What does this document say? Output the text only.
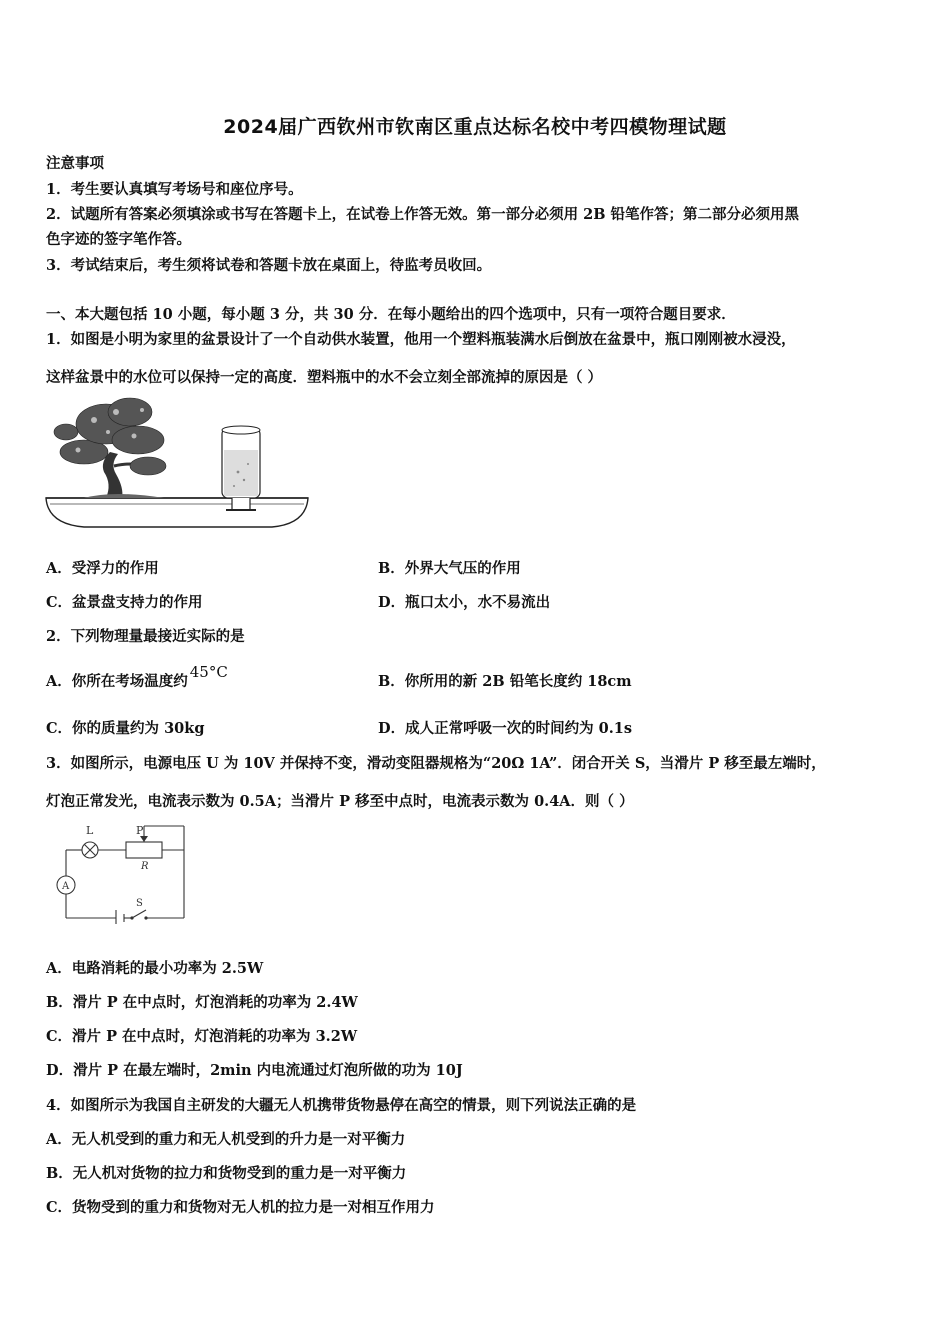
2024届广西钦州市钦南区重点达标名校中考四模物理试题
注意事项
1．考生要认真填写考场号和座位序号。
2．试题所有答案必须填涂或书写在答题卡上，在试卷上作答无效。第一部分必须用 2B 铅笔作答；第二部分必须用黑
色字迹的签字笔作答。
3．考试结束后，考生须将试卷和答题卡放在桌面上，待监考员收回。
一、本大题包括 10 小题，每小题 3 分，共 30 分．在每小题给出的四个选项中，只有一项符合题目要求．
1．如图是小明为家里的盆景设计了一个自动供水装置，他用一个塑料瓶装满水后倒放在盆景中，瓶口刚刚被水浸没，
这样盆景中的水位可以保持一定的高度．塑料瓶中的水不会立刻全部流掉的原因是（ ）
A．受浮力的作用	B．外界大气压的作用
C．盆景盘支持力的作用	D．瓶口太小，水不易流出
2．下列物理量最接近实际的是
A．你所在考场温度约45°C
B．你所用的新 2B 铅笔长度约 18cm
C．你的质量约为 30kg	D．成人正常呼吸一次的时间约为 0.1s
3．如图所示，电源电压 U 为 10V 并保持不变，滑动变阻器规格为“20Ω 1A”．闭合开关 S，当滑片 P 移至最左端时，
灯泡正常发光，电流表示数为 0.5A；当滑片 P 移至中点时，电流表示数为 0.4A．则（ ）
L	P
R
A
S
A．电路消耗的最小功率为 2.5W
B．滑片 P 在中点时，灯泡消耗的功率为 2.4W
C．滑片 P 在中点时，灯泡消耗的功率为 3.2W
D．滑片 P 在最左端时，2min 内电流通过灯泡所做的功为 10J
4．如图所示为我国自主研发的大疆无人机携带货物悬停在高空的情景，则下列说法正确的是
A．无人机受到的重力和无人机受到的升力是一对平衡力
B．无人机对货物的拉力和货物受到的重力是一对平衡力
C．货物受到的重力和货物对无人机的拉力是一对相互作用力
